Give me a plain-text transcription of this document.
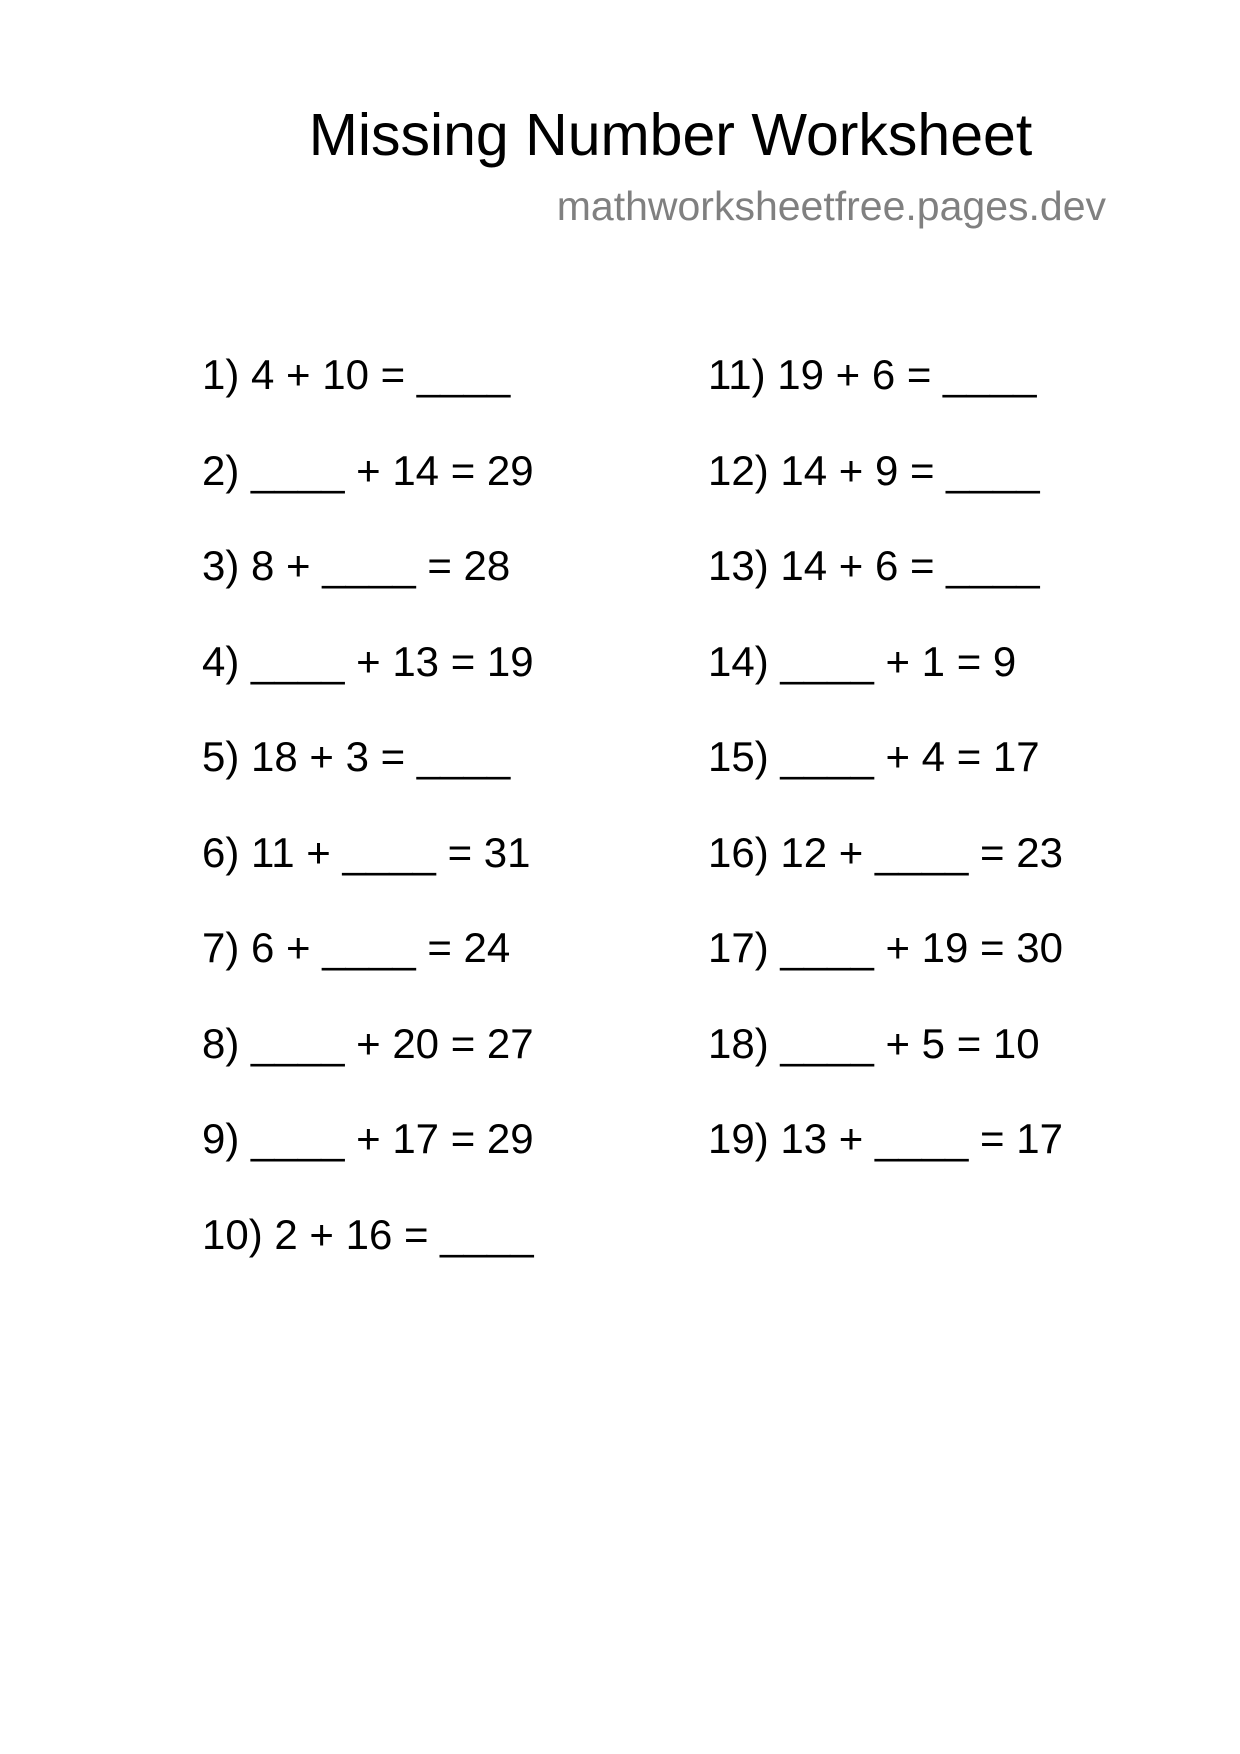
Missing Number Worksheet
mathworksheetfree.pages.dev
1) 4 + 10 = ____
2) ____ + 14 = 29
3) 8 + ____ = 28
4) ____ + 13 = 19
5) 18 + 3 = ____
6) 11 + ____ = 31
7) 6 + ____ = 24
8) ____ + 20 = 27
9) ____ + 17 = 29
10) 2 + 16 = ____
11) 19 + 6 = ____
12) 14 + 9 = ____
13) 14 + 6 = ____
14) ____ + 1 = 9
15) ____ + 4 = 17
16) 12 + ____ = 23
17) ____ + 19 = 30
18) ____ + 5 = 10
19) 13 + ____ = 17
